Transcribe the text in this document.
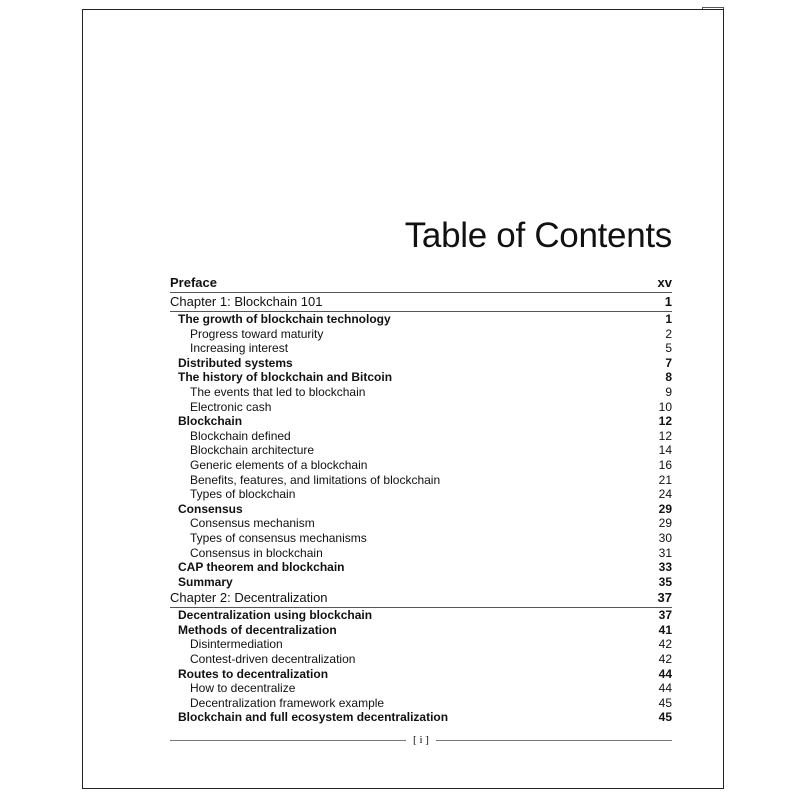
Table of Contents
Preface	xv
Chapter 1: Blockchain 101	1
The growth of blockchain technology	1
Progress toward maturity	2
Increasing interest	5
Distributed systems	7
The history of blockchain and Bitcoin	8
The events that led to blockchain	9
Electronic cash	10
Blockchain	12
Blockchain defined	12
Blockchain architecture	14
Generic elements of a blockchain	16
Benefits, features, and limitations of blockchain	21
Types of blockchain	24
Consensus	29
Consensus mechanism	29
Types of consensus mechanisms	30
Consensus in blockchain	31
CAP theorem and blockchain	33
Summary	35
Chapter 2: Decentralization	37
Decentralization using blockchain	37
Methods of decentralization	41
Disintermediation	42
Contest-driven decentralization	42
Routes to decentralization	44
How to decentralize	44
Decentralization framework example	45
Blockchain and full ecosystem decentralization	45
[ i ]
